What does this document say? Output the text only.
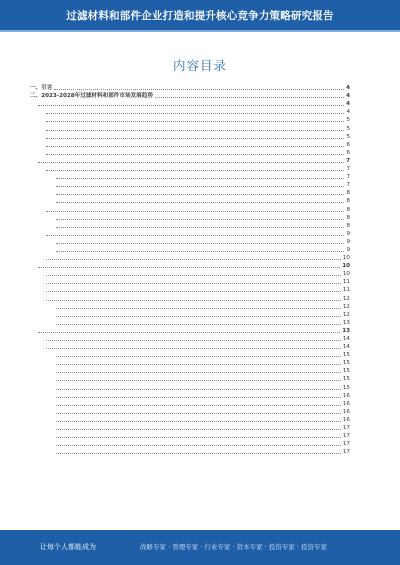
过滤材料和部件企业打造和提升核心竞争力策略研究报告
内容目录
一、引言	4
二、2023-2028年过滤材料和部件市场发展趋势	4
4
4
5
5
5
6
6
7
7
7
7
8
8
8
8
8
9
9
9
10
10
10
11
11
12
12
12
13
13
14
14
15
15
15
15
15
16
16
16
16
17
17
17
17
让每个人都能成为	战略专家 · 管理专家 · 行业专家 · 资本专家 · 投资专家 · 投资专家
